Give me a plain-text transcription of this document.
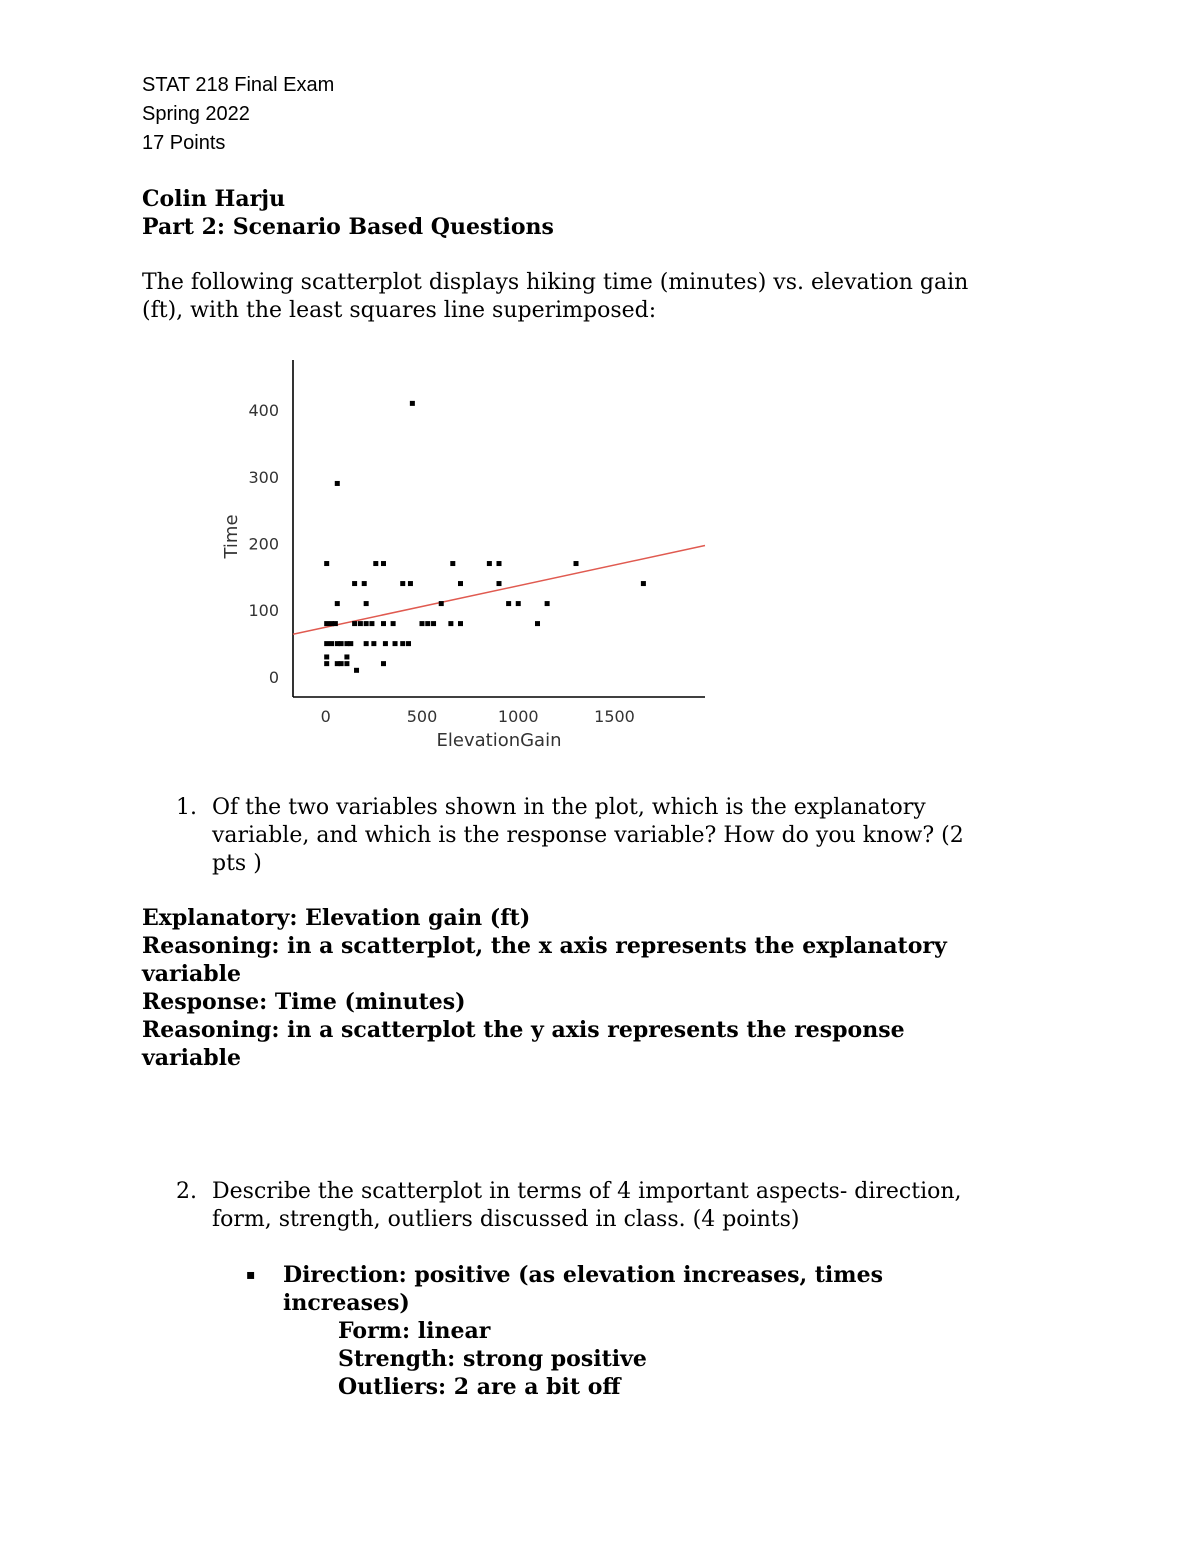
STAT 218 Final Exam
Spring 2022
17 Points
Colin Harju
Part 2: Scenario Based Questions
The following scatterplot displays hiking time (minutes) vs. elevation gain
(ft), with the least squares line superimposed:
0
100
200
300
400
0	500	1000	1500
ElevationGain
Time
1. Of the two variables shown in the plot, which is the explanatory
variable, and which is the response variable? How do you know? (2
pts )
Explanatory: Elevation gain (ft)
Reasoning: in a scatterplot, the x axis represents the explanatory
variable
Response: Time (minutes)
Reasoning: in a scatterplot the y axis represents the response
variable
2. Describe the scatterplot in terms of 4 important aspects- direction,
form, strength, outliers discussed in class. (4 points)
▪ Direction: positive (as elevation increases, times
increases)
Form: linear
Strength: strong positive
Outliers: 2 are a bit off
